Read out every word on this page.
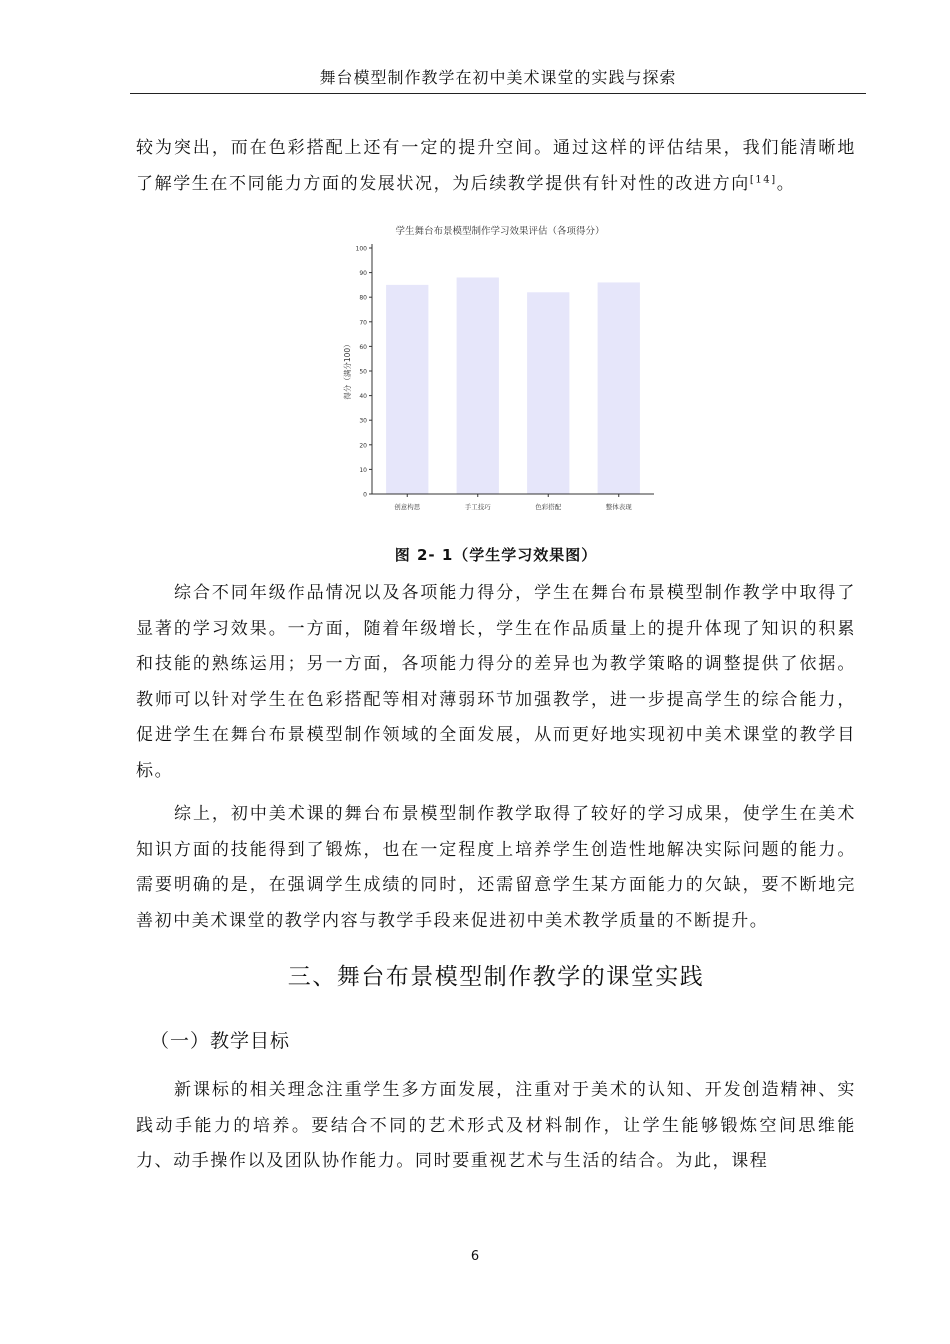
舞台模型制作教学在初中美术课堂的实践与探索

较为突出，而在色彩搭配上还有一定的提升空间。通过这样的评估结果，我们能清晰地了解学生在不同能力方面的发展状况，为后续教学提供有针对性的改进方向[14]。

学生舞台布景模型制作学习效果评估（各项得分）
得分（满分100）
0
10
20
30
40
50
60
70
80
90
100
创意构思	手工技巧	色彩搭配	整体表现
图 2- 1（学生学习效果图）

综合不同年级作品情况以及各项能力得分，学生在舞台布景模型制作教学中取得了显著的学习效果。一方面，随着年级增长，学生在作品质量上的提升体现了知识的积累和技能的熟练运用；另一方面，各项能力得分的差异也为教学策略的调整提供了依据。教师可以针对学生在色彩搭配等相对薄弱环节加强教学，进一步提高学生的综合能力，促进学生在舞台布景模型制作领域的全面发展，从而更好地实现初中美术课堂的教学目标。

综上，初中美术课的舞台布景模型制作教学取得了较好的学习成果，使学生在美术知识方面的技能得到了锻炼，也在一定程度上培养学生创造性地解决实际问题的能力。需要明确的是，在强调学生成绩的同时，还需留意学生某方面能力的欠缺，要不断地完善初中美术课堂的教学内容与教学手段来促进初中美术教学质量的不断提升。

三、舞台布景模型制作教学的课堂实践
（一）教学目标

新课标的相关理念注重学生多方面发展，注重对于美术的认知、开发创造精神、实践动手能力的培养。要结合不同的艺术形式及材料制作，让学生能够锻炼空间思维能力、动手操作以及团队协作能力。同时要重视艺术与生活的结合。为此，课程

6
